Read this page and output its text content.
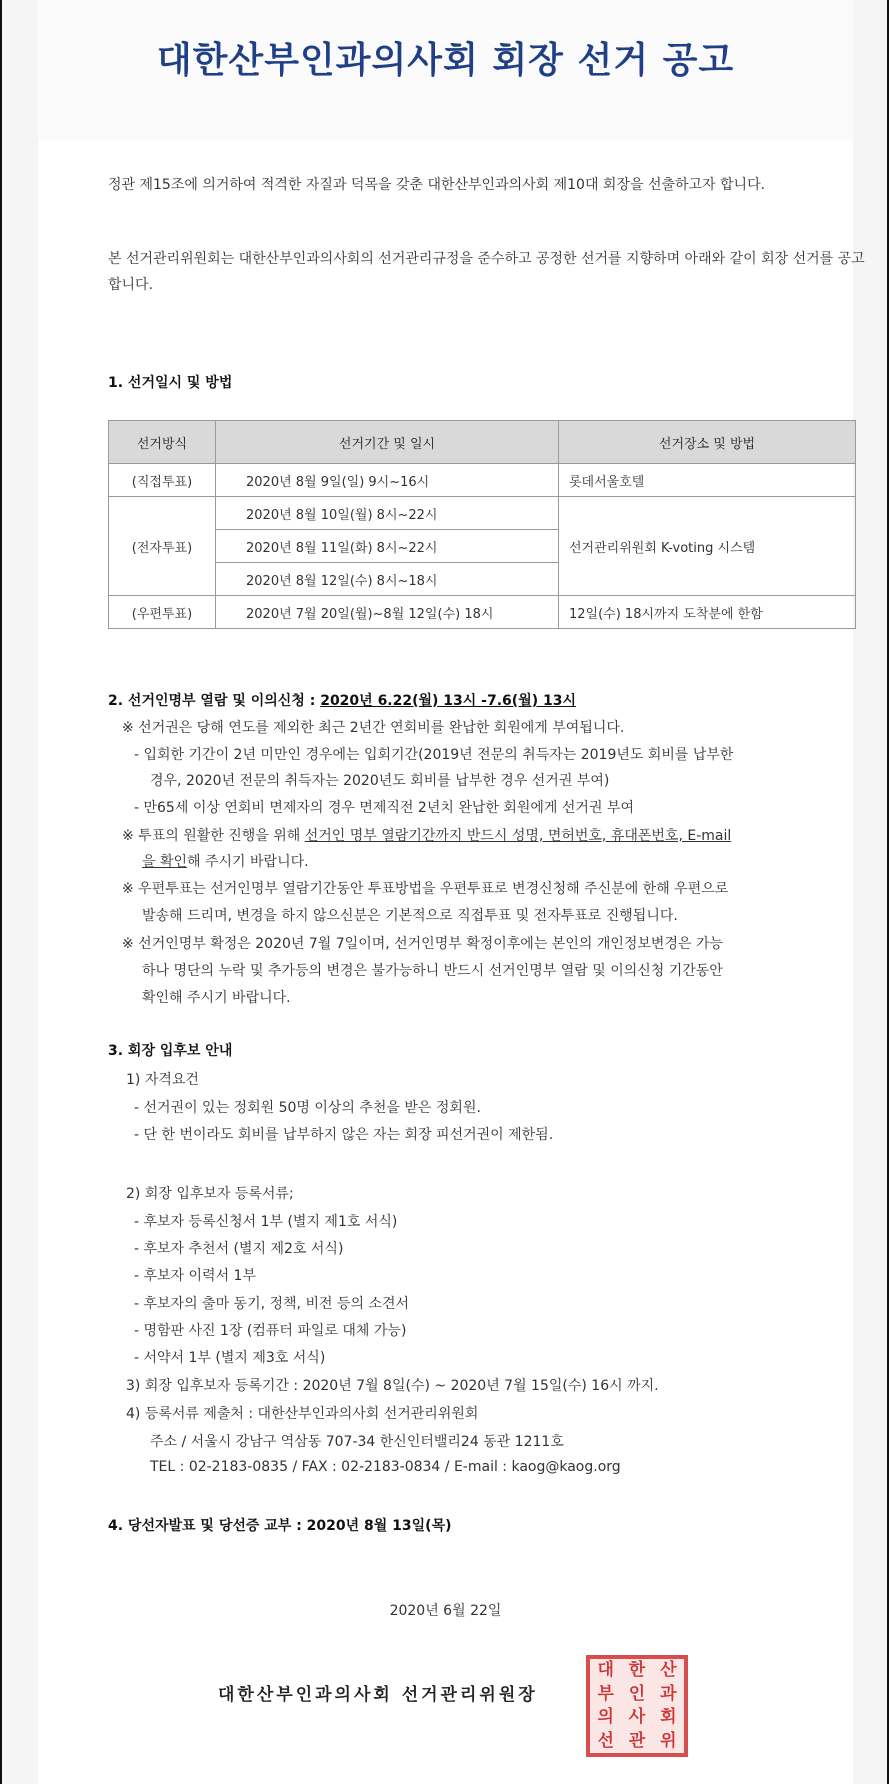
대한산부인과의사회 회장 선거 공고
정관 제15조에 의거하여 적격한 자질과 덕목을 갖춘 대한산부인과의사회 제10대 회장을 선출하고자 합니다.
본 선거관리위원회는 대한산부인과의사회의 선거관리규정을 준수하고 공정한 선거를 지향하며 아래와 같이 회장 선거를 공고합니다.
1. 선거일시 및 방법
선거방식	선거기간 및 일시	선거장소 및 방법
(직접투표)	2020년 8월 9일(일) 9시~16시	롯데서울호텔
(전자투표)	2020년 8월 10일(월) 8시~22시	선거관리위원회 K-voting 시스템
	2020년 8월 11일(화) 8시~22시	
	2020년 8월 12일(수) 8시~18시	
(우편투표)	2020년 7월 20일(월)~8월 12일(수) 18시	12일(수) 18시까지 도착분에 한함
2. 선거인명부 열람 및 이의신청 : 2020년 6.22(월) 13시 -7.6(월) 13시
※ 선거권은 당해 연도를 제외한 최근 2년간 연회비를 완납한 회원에게 부여됩니다.
- 입회한 기간이 2년 미만인 경우에는 입회기간(2019년 전문의 취득자는 2019년도 회비를 납부한
경우, 2020년 전문의 취득자는 2020년도 회비를 납부한 경우 선거권 부여)
- 만65세 이상 연회비 면제자의 경우 면제직전 2년치 완납한 회원에게 선거권 부여
※ 투표의 원활한 진행을 위해 선거인 명부 열람기간까지 반드시 성명, 면허번호, 휴대폰번호, E-mail
을 확인해 주시기 바랍니다.
※ 우편투표는 선거인명부 열람기간동안 투표방법을 우편투표로 변경신청해 주신분에 한해 우편으로
발송해 드리며, 변경을 하지 않으신분은 기본적으로 직접투표 및 전자투표로 진행됩니다.
※ 선거인명부 확정은 2020년 7월 7일이며, 선거인명부 확정이후에는 본인의 개인정보변경은 가능
하나 명단의 누락 및 추가등의 변경은 불가능하니 반드시 선거인명부 열람 및 이의신청 기간동안
확인해 주시기 바랍니다.
3. 회장 입후보 안내
1) 자격요건
- 선거권이 있는 정회원 50명 이상의 추천을 받은 정회원.
- 단 한 번이라도 회비를 납부하지 않은 자는 회장 피선거권이 제한됨.
2) 회장 입후보자 등록서류;
- 후보자 등록신청서 1부 (별지 제1호 서식)
- 후보자 추천서 (별지 제2호 서식)
- 후보자 이력서 1부
- 후보자의 출마 동기, 정책, 비전 등의 소견서
- 명함판 사진 1장 (컴퓨터 파일로 대체 가능)
- 서약서 1부 (별지 제3호 서식)
3) 회장 입후보자 등록기간 : 2020년 7월 8일(수) ~ 2020년 7월 15일(수) 16시 까지.
4) 등록서류 제출처 : 대한산부인과의사회 선거관리위원회
주소 / 서울시 강남구 역삼동 707-34 한신인터밸리24 동관 1211호
TEL : 02-2183-0835 / FAX : 02-2183-0834 / E-mail : kaog@kaog.org
4. 당선자발표 및 당선증 교부 : 2020년 8월 13일(목)
2020년 6월 22일
대한산부인과의사회 선거관리위원장
대 한 산
부 인 과
의 사 회
선 관 위
